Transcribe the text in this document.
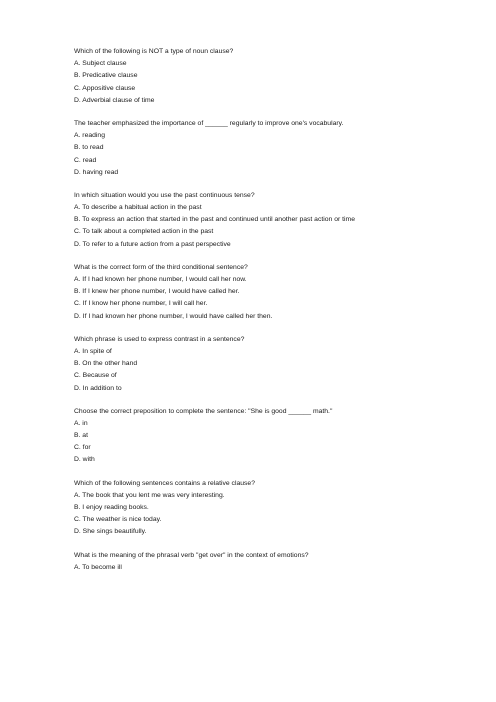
Which of the following is NOT a type of noun clause?
A. Subject clause
B. Predicative clause
C. Appositive clause
D. Adverbial clause of time
The teacher emphasized the importance of ______ regularly to improve one's vocabulary.
A. reading
B. to read
C. read
D. having read
In which situation would you use the past continuous tense?
A. To describe a habitual action in the past
B. To express an action that started in the past and continued until another past action or time
C. To talk about a completed action in the past
D. To refer to a future action from a past perspective
What is the correct form of the third conditional sentence?
A. If I had known her phone number, I would call her now.
B. If I knew her phone number, I would have called her.
C. If I know her phone number, I will call her.
D. If I had known her phone number, I would have called her then.
Which phrase is used to express contrast in a sentence?
A. In spite of
B. On the other hand
C. Because of
D. In addition to
Choose the correct preposition to complete the sentence: "She is good ______ math."
A. in
B. at
C. for
D. with
Which of the following sentences contains a relative clause?
A. The book that you lent me was very interesting.
B. I enjoy reading books.
C. The weather is nice today.
D. She sings beautifully.
What is the meaning of the phrasal verb "get over" in the context of emotions?
A. To become ill
